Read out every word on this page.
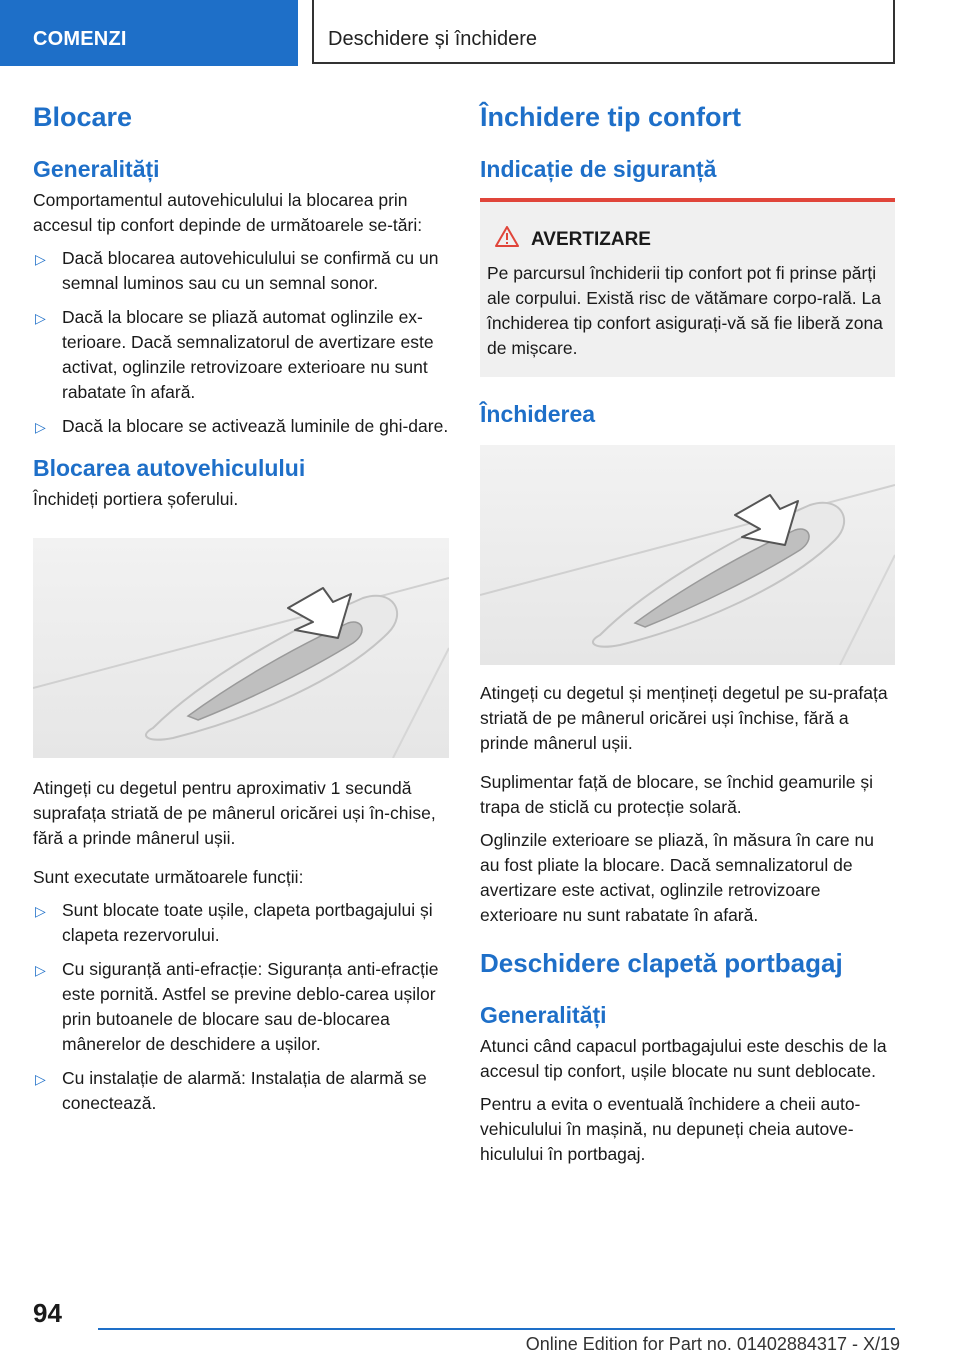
COMENZI	Deschidere și închidere
Blocare
Generalități

Comportamentul autovehiculului la blocarea prin accesul tip confort depinde de următoarele se-tări:

▷ Dacă blocarea autovehiculului se confirmă cu un semnal luminos sau cu un semnal sonor.
▷ Dacă la blocare se pliază automat oglinzile ex-terioare. Dacă semnalizatorul de avertizare este activat, oglinzile retrovizoare exterioare nu sunt rabatate în afară.
▷ Dacă la blocare se activează luminile de ghi-dare.
Blocarea autovehiculului

Închideți portiera șoferului.

Atingeți cu degetul pentru aproximativ 1 secundă suprafața striată de pe mânerul oricărei uși în-chise, fără a prinde mânerul ușii.

Sunt executate următoarele funcții:

▷ Sunt blocate toate ușile, clapeta portbagajului și clapeta rezervorului.
▷ Cu siguranță anti-efracție: Siguranța anti-efracție este pornită. Astfel se previne deblo-carea ușilor prin butoanele de blocare sau de-blocarea mânerelor de deschidere a ușilor.
▷ Cu instalație de alarmă: Instalația de alarmă se conectează.
Închidere tip confort
Indicație de siguranță
AVERTIZARE

Pe parcursul închiderii tip confort pot fi prinse părți ale corpului. Există risc de vătămare corpo-rală. La închiderea tip confort asigurați-vă să fie liberă zona de mișcare.

Închiderea

Atingeți cu degetul și mențineți degetul pe su-prafața striată de pe mânerul oricărei uși închise, fără a prinde mânerul ușii.

Suplimentar față de blocare, se închid geamurile și trapa de sticlă cu protecție solară.

Oglinzile exterioare se pliază, în măsura în care nu au fost pliate la blocare. Dacă semnalizatorul de avertizare este activat, oglinzile retrovizoare exterioare nu sunt rabatate în afară.

Deschidere clapetă portbagaj
Generalități

Atunci când capacul portbagajului este deschis de la accesul tip confort, ușile blocate nu sunt deblocate.

Pentru a evita o eventuală închidere a cheii auto-vehiculului în mașină, nu depuneți cheia autove-hiculului în portbagaj.

94
Online Edition for Part no. 01402884317 - X/19
